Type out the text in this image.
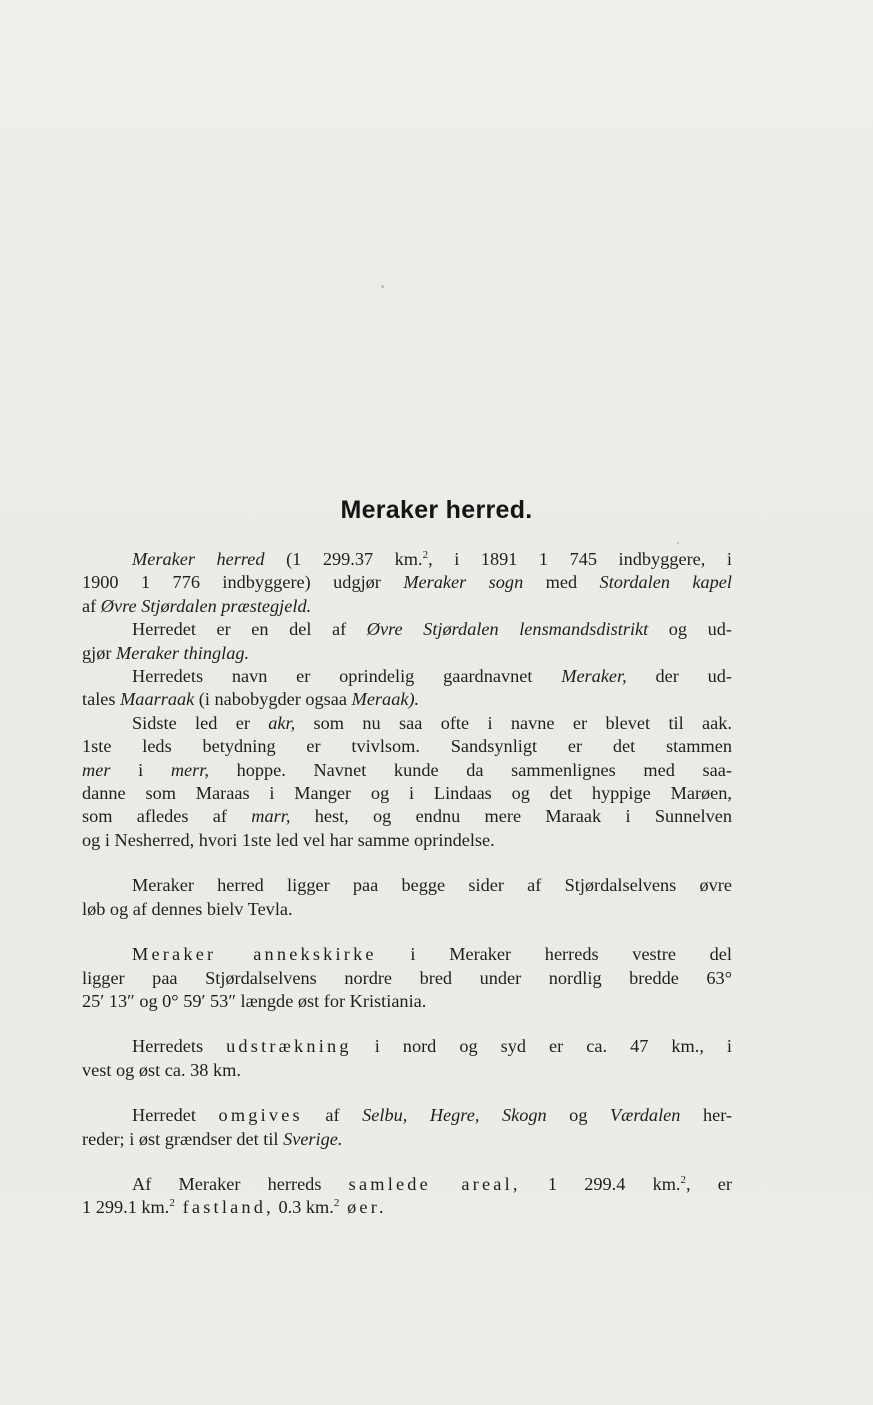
Meraker herred.

Meraker herred (1 299.37 km.$^2$, i 1891 1 745 indbyggere, i
1900 1 776 indbyggere) udgjør Meraker sogn med Stordalen kapel
af Øvre Stjørdalen præstegjeld.

Herredet er en del af Øvre Stjørdalen lensmandsdistrikt og ud-
gjør Meraker thinglag.

Herredets navn er oprindelig gaardnavnet Meraker, der ud-
tales Maarraak (i nabobygder ogsaa Meraak).
Sidste led er akr, som nu saa ofte i navne er blevet til aak.
1ste leds betydning er tvivlsom. Sandsynligt er det stammen
mer i merr, hoppe. Navnet kunde da sammenlignes med saa-
danne som Maraas i Manger og i Lindaas og det hyppige Marøen,
som afledes af marr, hest, og endnu mere Maraak i Sunnelven
og i Nesherred, hvori 1ste led vel har samme oprindelse.

Meraker herred ligger paa begge sider af Stjørdalselvens øvre
løb og af dennes bielv Tevla.

Meraker annekskirke i Meraker herreds vestre del
ligger paa Stjørdalselvens nordre bred under nordlig bredde 63°
25′ 13″ og 0° 59′ 53″ længde øst for Kristiania.

Herredets udstrækning i nord og syd er ca. 47 km., i
vest og øst ca. 38 km.

Herredet omgives af Selbu, Hegre, Skogn og Værdalen her-
reder; i øst grændser det til Sverige.

Af Meraker herreds samlede areal, 1 299.4 km.$^2$, er
1 299.1 km.$^2$ fastland, 0.3 km.$^2$ øer.
